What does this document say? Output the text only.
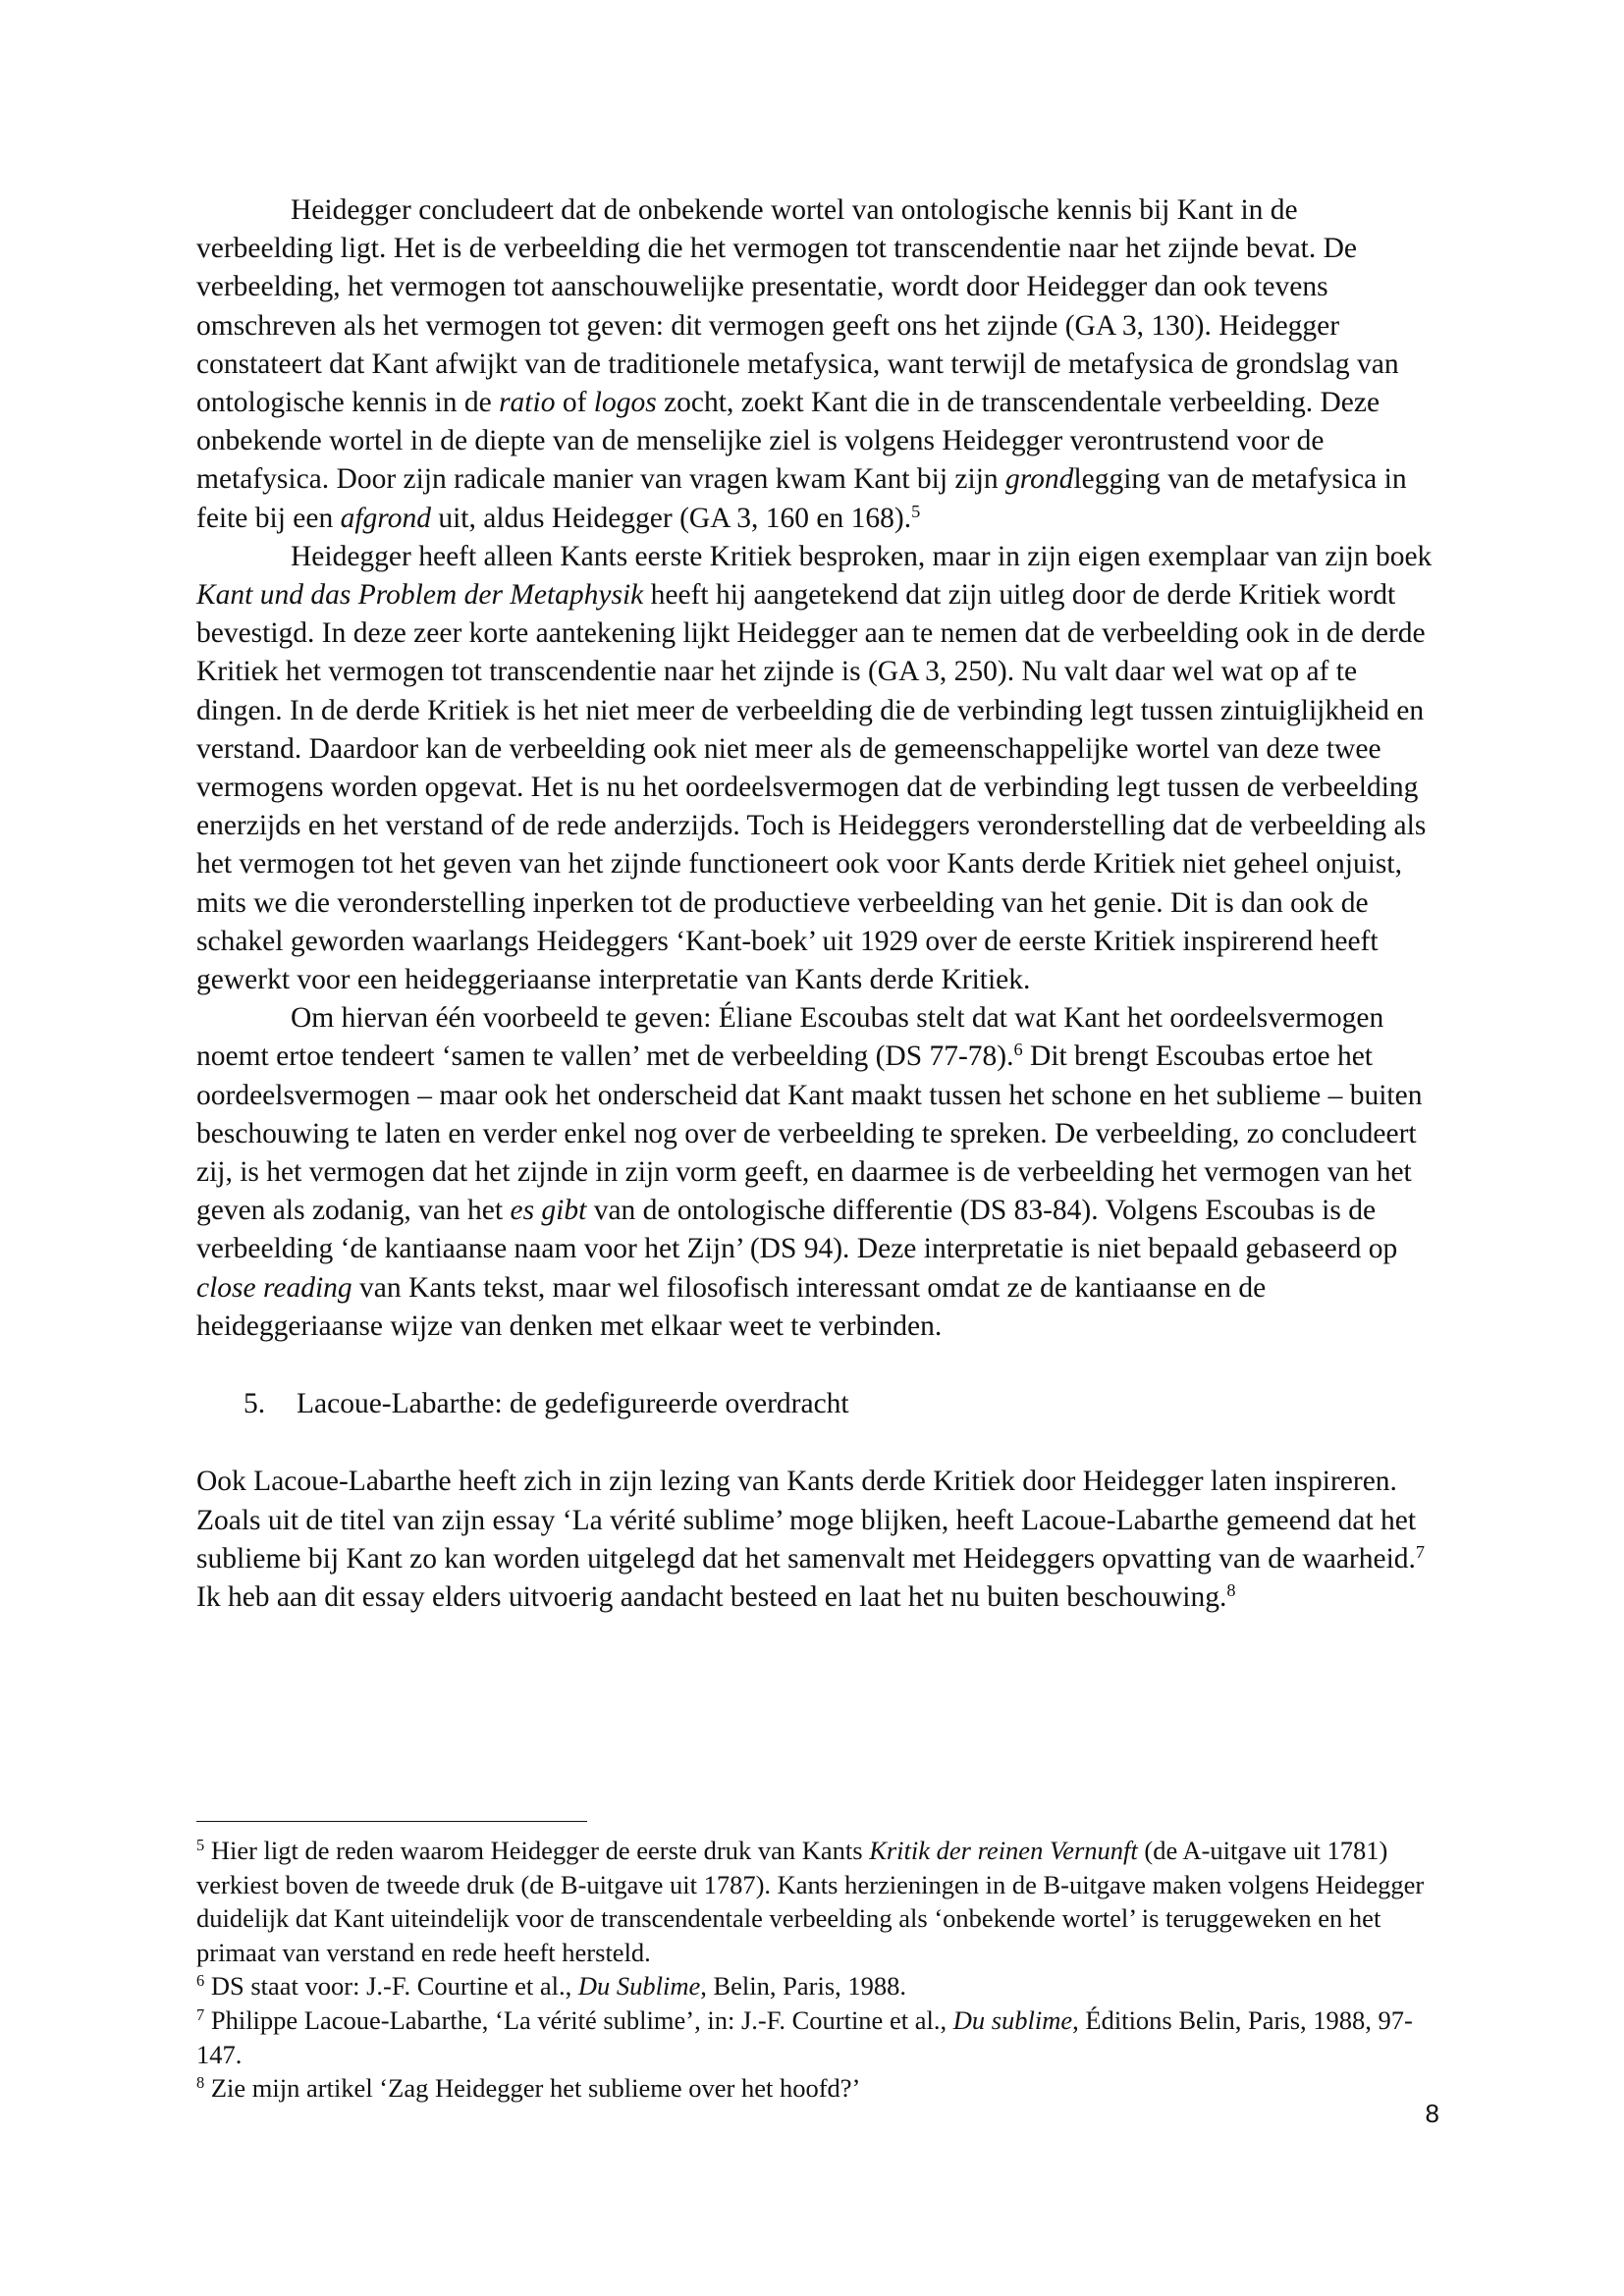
Heidegger concludeert dat de onbekende wortel van ontologische kennis bij Kant in de verbeelding ligt. Het is de verbeelding die het vermogen tot transcendentie naar het zijnde bevat. De verbeelding, het vermogen tot aanschouwelijke presentatie, wordt door Heidegger dan ook tevens omschreven als het vermogen tot geven: dit vermogen geeft ons het zijnde (GA 3, 130). Heidegger constateert dat Kant afwijkt van de traditionele metafysica, want terwijl de metafysica de grondslag van ontologische kennis in de ratio of logos zocht, zoekt Kant die in de transcendentale verbeelding. Deze onbekende wortel in de diepte van de menselijke ziel is volgens Heidegger verontrustend voor de metafysica. Door zijn radicale manier van vragen kwam Kant bij zijn grondlegging van de metafysica in feite bij een afgrond uit, aldus Heidegger (GA 3, 160 en 168).$^5$

Heidegger heeft alleen Kants eerste Kritiek besproken, maar in zijn eigen exemplaar van zijn boek Kant und das Problem der Metaphysik heeft hij aangetekend dat zijn uitleg door de derde Kritiek wordt bevestigd. In deze zeer korte aantekening lijkt Heidegger aan te nemen dat de verbeelding ook in de derde Kritiek het vermogen tot transcendentie naar het zijnde is (GA 3, 250). Nu valt daar wel wat op af te dingen. In de derde Kritiek is het niet meer de verbeelding die de verbinding legt tussen zintuiglijkheid en verstand. Daardoor kan de verbeelding ook niet meer als de gemeenschappelijke wortel van deze twee vermogens worden opgevat. Het is nu het oordeelsvermogen dat de verbinding legt tussen de verbeelding enerzijds en het verstand of de rede anderzijds. Toch is Heideggers veronderstelling dat de verbeelding als het vermogen tot het geven van het zijnde functioneert ook voor Kants derde Kritiek niet geheel onjuist, mits we die veronderstelling inperken tot de productieve verbeelding van het genie. Dit is dan ook de schakel geworden waarlangs Heideggers ‘Kant-boek’ uit 1929 over de eerste Kritiek inspirerend heeft gewerkt voor een heideggeriaanse interpretatie van Kants derde Kritiek.

Om hiervan één voorbeeld te geven: Éliane Escoubas stelt dat wat Kant het oordeelsvermogen noemt ertoe tendeert ‘samen te vallen’ met de verbeelding (DS 77-78).$^6$ Dit brengt Escoubas ertoe het oordeelsvermogen – maar ook het onderscheid dat Kant maakt tussen het schone en het sublieme – buiten beschouwing te laten en verder enkel nog over de verbeelding te spreken. De verbeelding, zo concludeert zij, is het vermogen dat het zijnde in zijn vorm geeft, en daarmee is de verbeelding het vermogen van het geven als zodanig, van het es gibt van de ontologische differentie (DS 83-84). Volgens Escoubas is de verbeelding ‘de kantiaanse naam voor het Zijn’ (DS 94). Deze interpretatie is niet bepaald gebaseerd op close reading van Kants tekst, maar wel filosofisch interessant omdat ze de kantiaanse en de heideggeriaanse wijze van denken met elkaar weet te verbinden.

5. Lacoue-Labarthe: de gedefigureerde overdracht

Ook Lacoue-Labarthe heeft zich in zijn lezing van Kants derde Kritiek door Heidegger laten inspireren. Zoals uit de titel van zijn essay ‘La vérité sublime’ moge blijken, heeft Lacoue-Labarthe gemeend dat het sublieme bij Kant zo kan worden uitgelegd dat het samenvalt met Heideggers opvatting van de waarheid.$^7$ Ik heb aan dit essay elders uitvoerig aandacht besteed en laat het nu buiten beschouwing.$^8$

$^5$ Hier ligt de reden waarom Heidegger de eerste druk van Kants Kritik der reinen Vernunft (de A-uitgave uit 1781) verkiest boven de tweede druk (de B-uitgave uit 1787). Kants herzieningen in de B-uitgave maken volgens Heidegger duidelijk dat Kant uiteindelijk voor de transcendentale verbeelding als ‘onbekende wortel’ is teruggeweken en het primaat van verstand en rede heeft hersteld.

$^6$ DS staat voor: J.-F. Courtine et al., Du Sublime, Belin, Paris, 1988.

$^7$ Philippe Lacoue-Labarthe, ‘La vérité sublime’, in: J.-F. Courtine et al., Du sublime, Éditions Belin, Paris, 1988, 97-147.

$^8$ Zie mijn artikel ‘Zag Heidegger het sublieme over het hoofd?’

8
